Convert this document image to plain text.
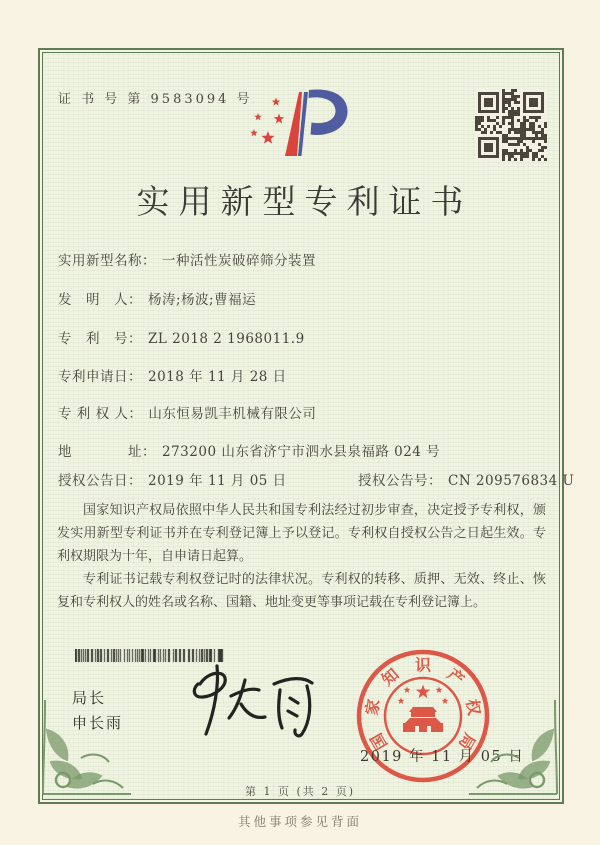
证 书 号 第 9583094 号
实用新型专利证书
实用新型名称： 一种活性炭破碎筛分装置
发　明　人： 杨涛;杨波;曹福运
专　利　号： ZL 2018 2 1968011.9
专利申请日： 2018 年 11 月 28 日
专 利 权 人： 山东恒易凯丰机械有限公司
地　　　　址： 273200 山东省济宁市泗水县泉福路 024 号
授权公告日： 2019 年 11 月 05 日	授权公告号： CN 209576834 U

国家知识产权局依照中华人民共和国专利法经过初步审查，决定授予专利权，颁发实用新型专利证书并在专利登记簿上予以登记。专利权自授权公告之日起生效。专利权期限为十年，自申请日起算。

专利证书记载专利权登记时的法律状况。专利权的转移、质押、无效、终止、恢复和专利权人的姓名或名称、国籍、地址变更等事项记载在专利登记簿上。

局长
申长雨
国
家
知 识 产
权
局
2019 年 11 月 05 日
第 1 页 (共 2 页)
其他事项参见背面
